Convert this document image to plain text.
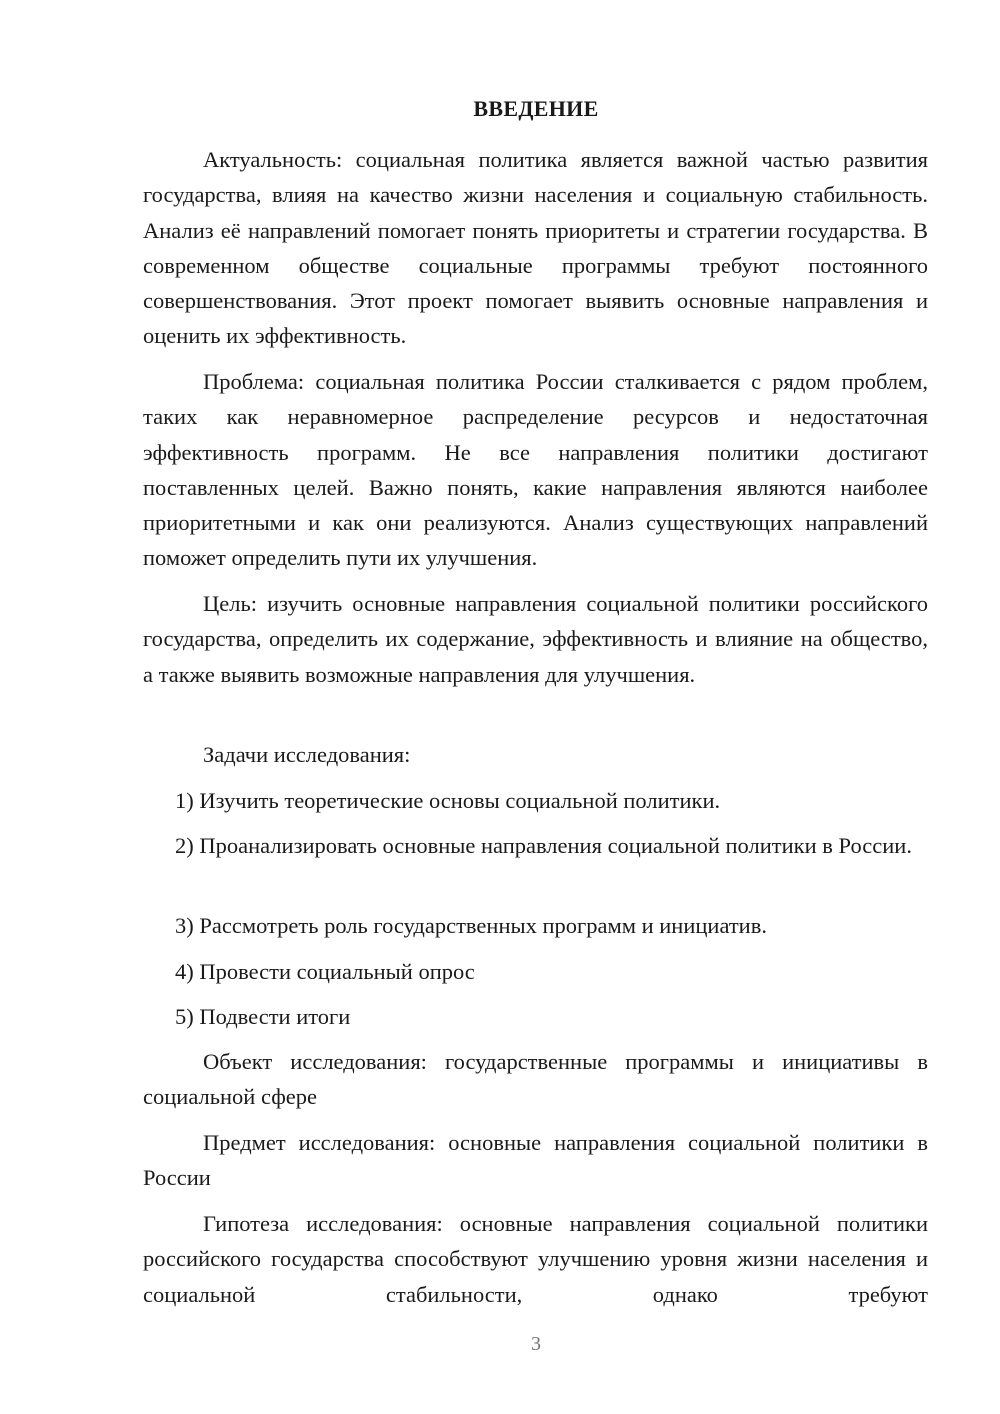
ВВЕДЕНИЕ

Актуальность: социальная политика является важной частью развития государства, влияя на качество жизни населения и социальную стабильность. Анализ её направлений помогает понять приоритеты и стратегии государства. В современном обществе социальные программы требуют постоянного совершенствования. Этот проект помогает выявить основные направления и оценить их эффективность.

Проблема: социальная политика России сталкивается с рядом проблем, таких как неравномерное распределение ресурсов и недостаточная эффективность программ. Не все направления политики достигают поставленных целей. Важно понять, какие направления являются наиболее приоритетными и как они реализуются. Анализ существующих направлений поможет определить пути их улучшения.

Цель: изучить основные направления социальной политики российского государства, определить их содержание, эффективность и влияние на общество, а также выявить возможные направления для улучшения.

Задачи исследования:

1) Изучить теоретические основы социальной политики.

2) Проанализировать основные направления социальной политики в России.

3) Рассмотреть роль государственных программ и инициатив.

4) Провести социальный опрос

5) Подвести итоги

Объект исследования: государственные программы и инициативы в социальной сфере

Предмет исследования: основные направления социальной политики в России

Гипотеза исследования: основные направления социальной политики российского государства способствуют улучшению уровня жизни населения и социальной стабильности, однако требуют

3
